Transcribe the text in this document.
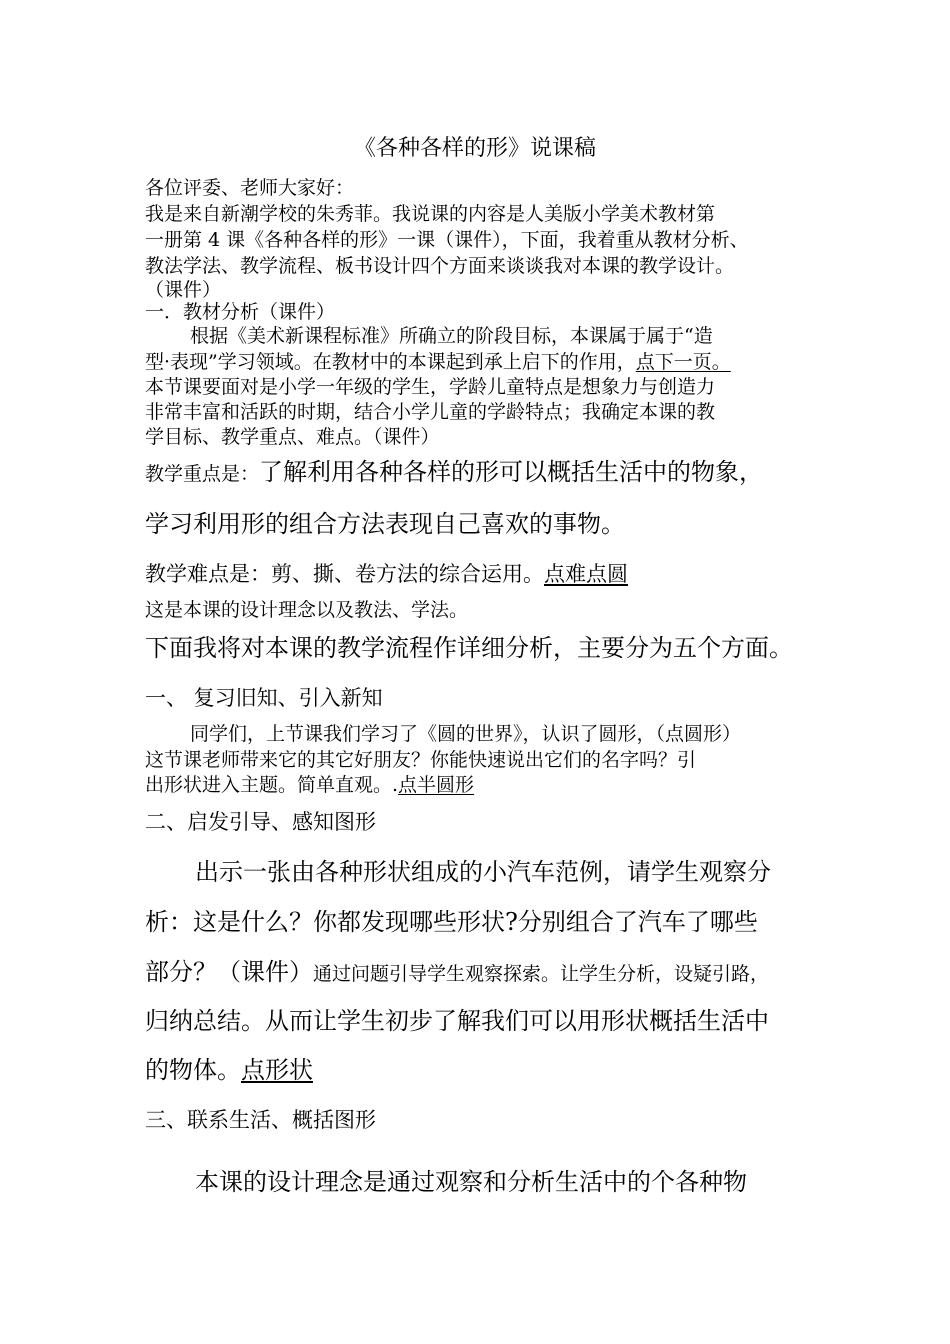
《各种各样的形》说课稿
各位评委、老师大家好：
我是来自新潮学校的朱秀菲。我说课的内容是人美版小学美术教材第
一册第 4 课《各种各样的形》一课（课件），下面，我着重从教材分析、
教法学法、教学流程、板书设计四个方面来谈谈我对本课的教学设计。
（课件）
一．教材分析（课件）
根据《美术新课程标准》所确立的阶段目标，本课属于属于“造
型·表现”学习领域。在教材中的本课起到承上启下的作用，点下一页。
本节课要面对是小学一年级的学生，学龄儿童特点是想象力与创造力
非常丰富和活跃的时期，结合小学儿童的学龄特点；我确定本课的教
学目标、教学重点、难点。（课件）
教学重点是：了解利用各种各样的形可以概括生活中的物象，
学习利用形的组合方法表现自己喜欢的事物。
教学难点是：剪、撕、卷方法的综合运用。点难点圆
这是本课的设计理念以及教法、学法。
下面我将对本课的教学流程作详细分析，主要分为五个方面。
一、 复习旧知、引入新知
同学们，上节课我们学习了《圆的世界》，认识了圆形，（点圆形）
这节课老师带来它的其它好朋友？你能快速说出它们的名字吗？引
出形状进入主题。简单直观。.点半圆形
二、启发引导、感知图形
出示一张由各种形状组成的小汽车范例，请学生观察分
析：这是什么？你都发现哪些形状?分别组合了汽车了哪些
部分？（课件）通过问题引导学生观察探索。让学生分析，设疑引路，
归纳总结。从而让学生初步了解我们可以用形状概括生活中
的物体。点形状
三、联系生活、概括图形
本课的设计理念是通过观察和分析生活中的个各种物
